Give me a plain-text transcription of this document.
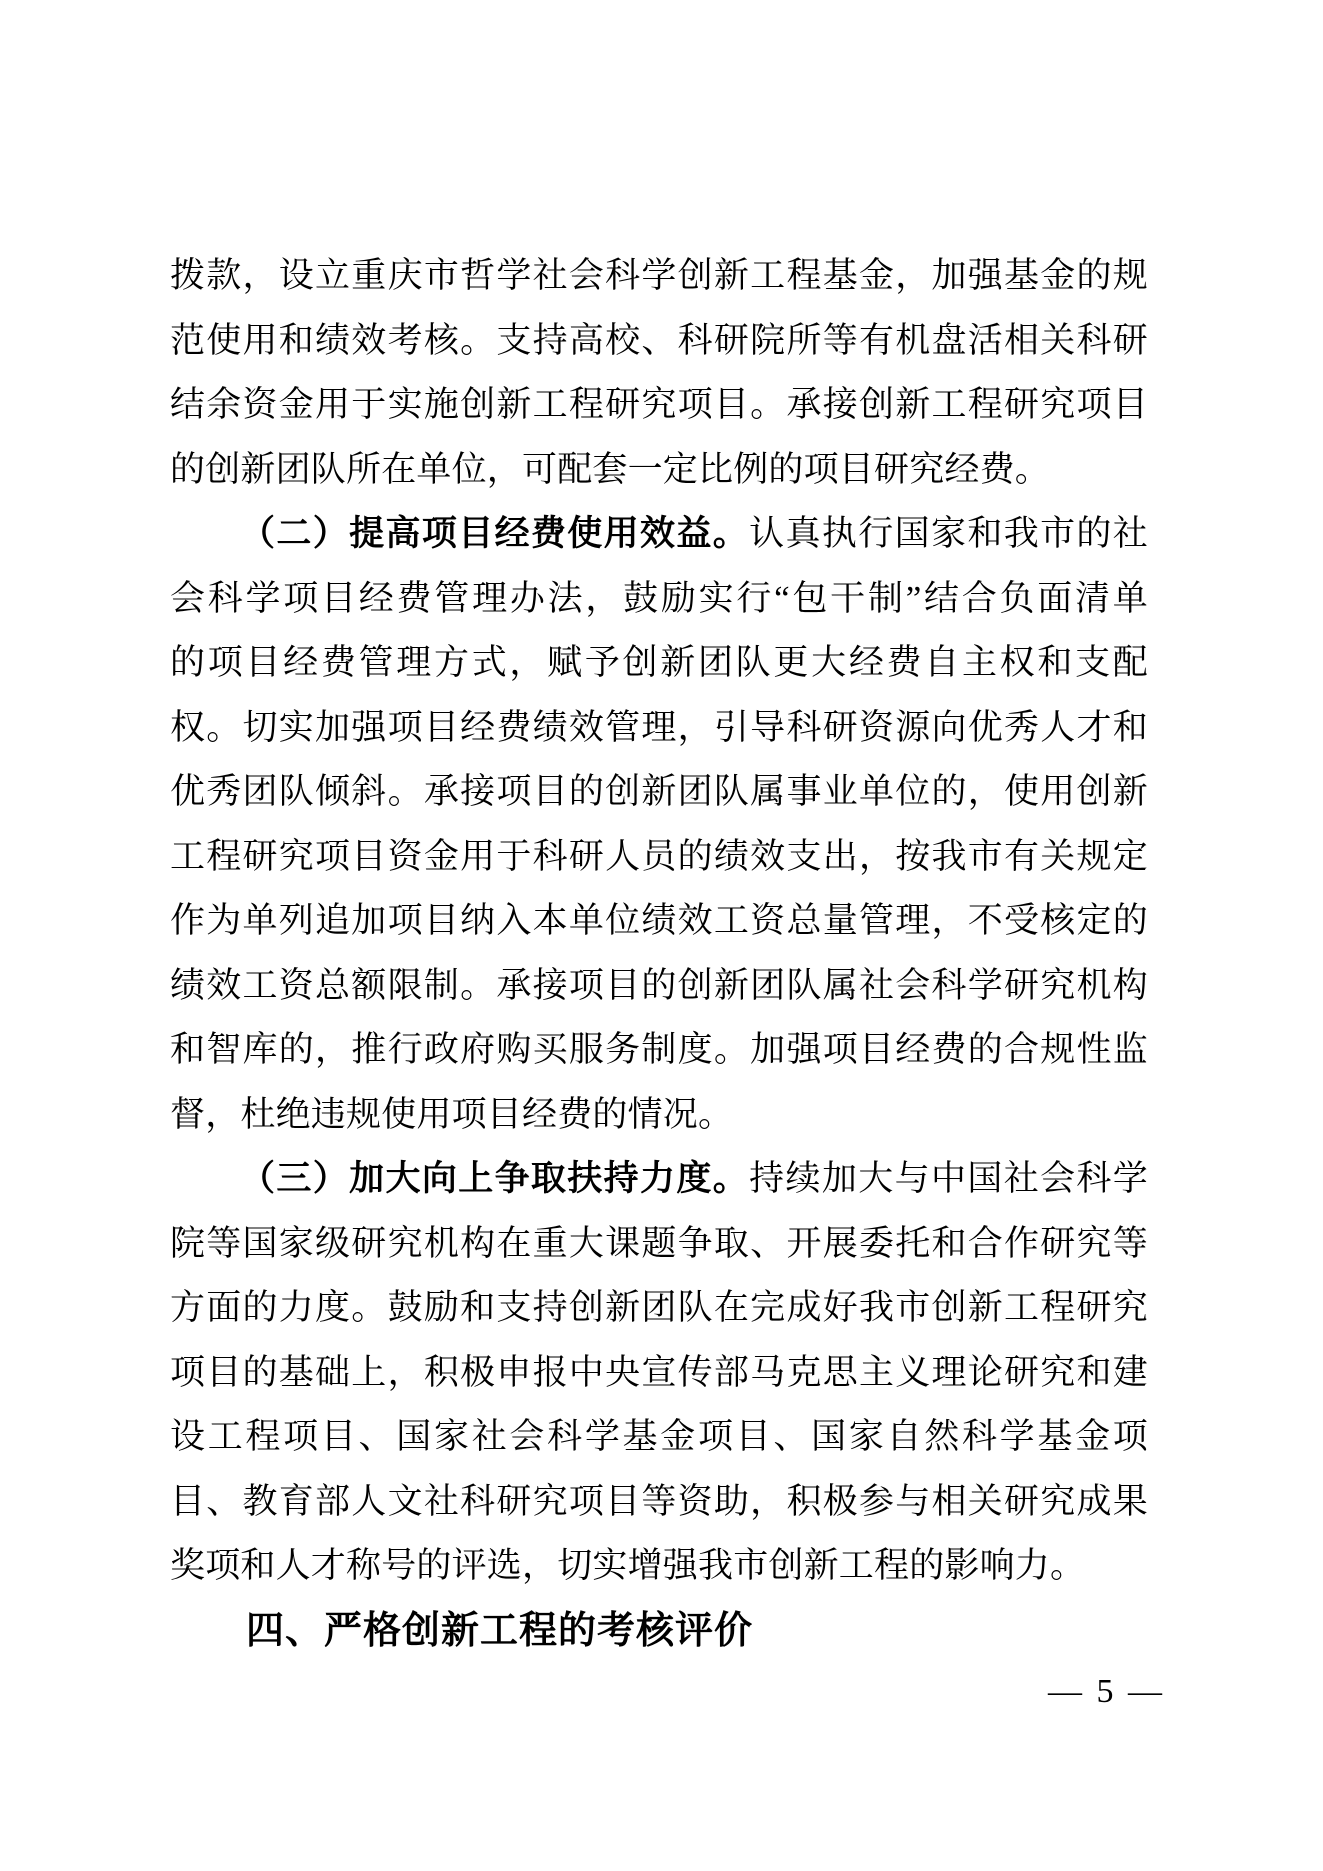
拨款，设立重庆市哲学社会科学创新工程基金，加强基金的规
范使用和绩效考核。支持高校、科研院所等有机盘活相关科研
结余资金用于实施创新工程研究项目。承接创新工程研究项目
的创新团队所在单位，可配套一定比例的项目研究经费。
（二）提高项目经费使用效益。认真执行国家和我市的社
会科学项目经费管理办法，鼓励实行“包干制”结合负面清单
的项目经费管理方式，赋予创新团队更大经费自主权和支配
权。切实加强项目经费绩效管理，引导科研资源向优秀人才和
优秀团队倾斜。承接项目的创新团队属事业单位的，使用创新
工程研究项目资金用于科研人员的绩效支出，按我市有关规定
作为单列追加项目纳入本单位绩效工资总量管理，不受核定的
绩效工资总额限制。承接项目的创新团队属社会科学研究机构
和智库的，推行政府购买服务制度。加强项目经费的合规性监
督，杜绝违规使用项目经费的情况。
（三）加大向上争取扶持力度。持续加大与中国社会科学
院等国家级研究机构在重大课题争取、开展委托和合作研究等
方面的力度。鼓励和支持创新团队在完成好我市创新工程研究
项目的基础上，积极申报中央宣传部马克思主义理论研究和建
设工程项目、国家社会科学基金项目、国家自然科学基金项
目、教育部人文社科研究项目等资助，积极参与相关研究成果
奖项和人才称号的评选，切实增强我市创新工程的影响力。
四、严格创新工程的考核评价
— 5 —
